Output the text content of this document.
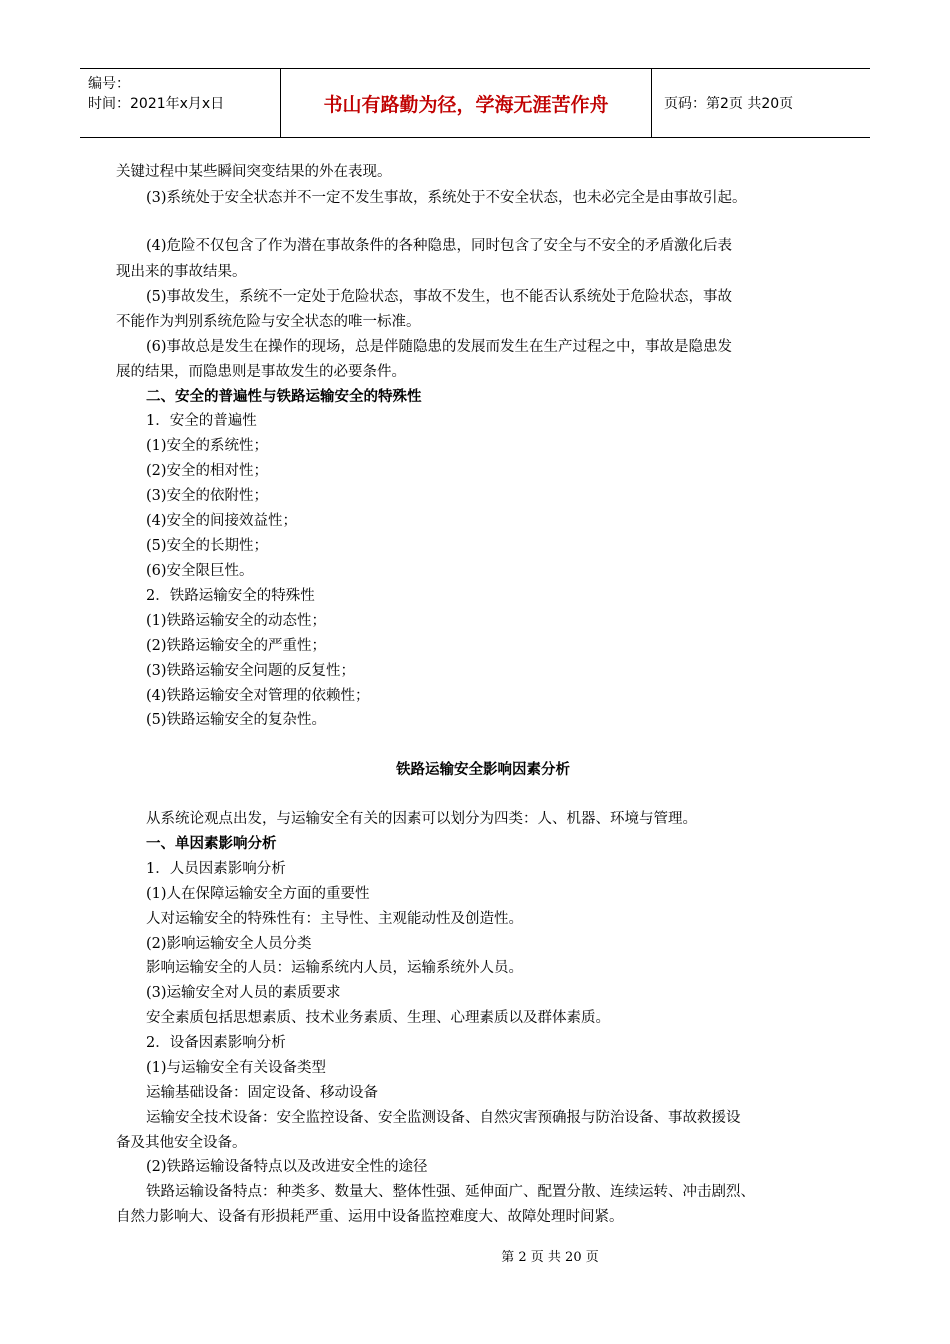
编号：
时间：2021年x月x日	书山有路勤为径，学海无涯苦作舟	页码：第2页 共20页
关键过程中某些瞬间突变结果的外在表现。
(3)系统处于安全状态并不一定不发生事故，系统处于不安全状态，也未必完全是由事故引起。
(4)危险不仅包含了作为潜在事故条件的各种隐患，同时包含了安全与不安全的矛盾激化后表
现出来的事故结果。
(5)事故发生，系统不一定处于危险状态，事故不发生，也不能否认系统处于危险状态，事故
不能作为判别系统危险与安全状态的唯一标准。
(6)事故总是发生在操作的现场，总是伴随隐患的发展而发生在生产过程之中，事故是隐患发
展的结果，而隐患则是事故发生的必要条件。
二、安全的普遍性与铁路运输安全的特殊性
1．安全的普遍性
(1)安全的系统性；
(2)安全的相对性；
(3)安全的依附性；
(4)安全的间接效益性；
(5)安全的长期性；
(6)安全限巨性。
2．铁路运输安全的特殊性
(1)铁路运输安全的动态性；
(2)铁路运输安全的严重性；
(3)铁路运输安全问题的反复性；
(4)铁路运输安全对管理的依赖性；
(5)铁路运输安全的复杂性。
铁路运输安全影响因素分析
从系统论观点出发，与运输安全有关的因素可以划分为四类：人、机器、环境与管理。
一、单因素影响分析
1．人员因素影响分析
(1)人在保障运输安全方面的重要性
人对运输安全的特殊性有：主导性、主观能动性及创造性。
(2)影响运输安全人员分类
影响运输安全的人员：运输系统内人员，运输系统外人员。
(3)运输安全对人员的素质要求
安全素质包括思想素质、技术业务素质、生理、心理素质以及群体素质。
2．设备因素影响分析
(1)与运输安全有关设备类型
运输基础设备：固定设备、移动设备
运输安全技术设备：安全监控设备、安全监测设备、自然灾害预确报与防治设备、事故救援设
备及其他安全设备。
(2)铁路运输设备特点以及改进安全性的途径
铁路运输设备特点：种类多、数量大、整体性强、延伸面广、配置分散、连续运转、冲击剧烈、
自然力影响大、设备有形损耗严重、运用中设备监控难度大、故障处理时间紧。
第 2 页 共 20 页
